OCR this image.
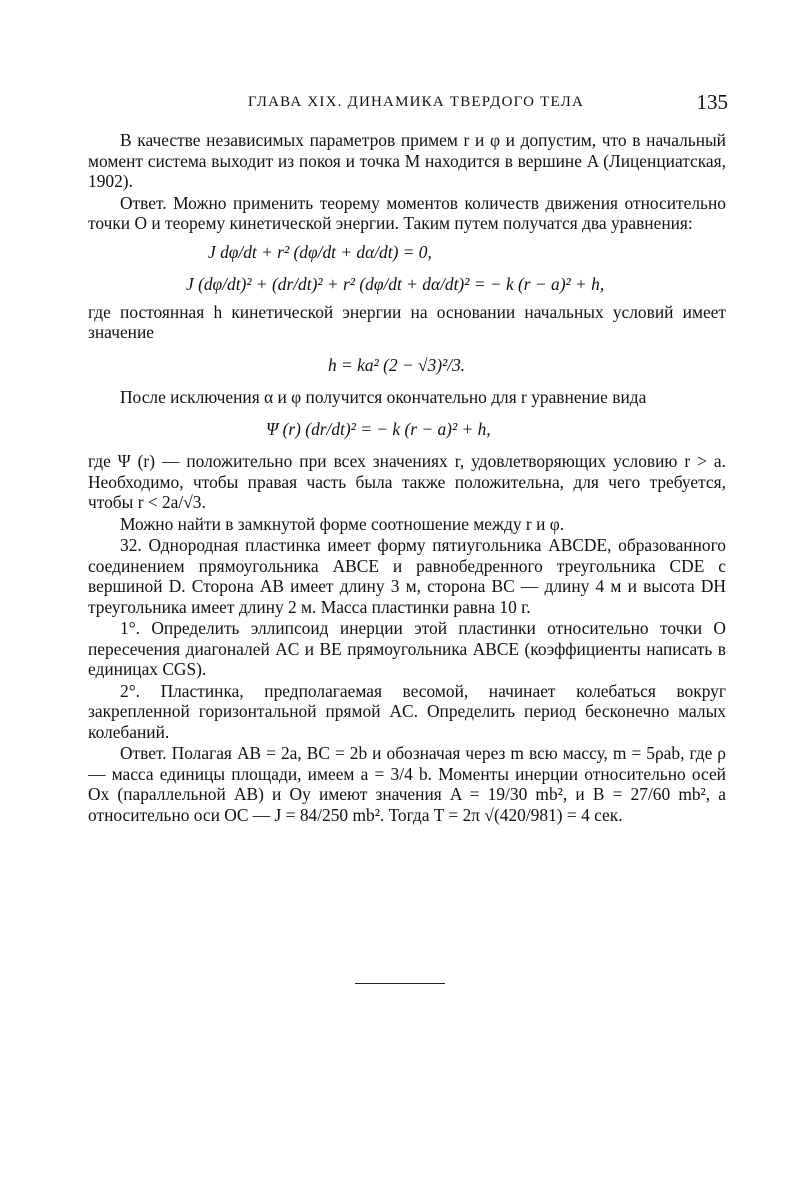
ГЛАВА XIX. ДИНАМИКА ТВЕРДОГО ТЕЛА	135

В качестве независимых параметров примем r и φ и допустим, что в начальный момент система выходит из покоя и точка M находится в вершине A (Лиценциатская, 1902).

Ответ. Можно применить теорему моментов количеств движения относительно точки O и теорему кинетической энергии. Таким путем получатся два уравнения:

J dφ/dt + r² (dφ/dt + dα/dt) = 0,
J (dφ/dt)² + (dr/dt)² + r² (dφ/dt + dα/dt)² = − k (r − a)² + h,

где постоянная h кинетической энергии на основании начальных условий имеет значение

h = ka² (2 − √3)²/3.

После исключения α и φ получится окончательно для r уравнение вида

Ψ (r) (dr/dt)² = − k (r − a)² + h,

где Ψ (r) — положительно при всех значениях r, удовлетворяющих условию r > a. Необходимо, чтобы правая часть была также положительна, для чего требуется, чтобы r < 2a/√3.

Можно найти в замкнутой форме соотношение между r и φ.

32. Однородная пластинка имеет форму пятиугольника ABCDE, образованного соединением прямоугольника ABCE и равнобедренного треугольника CDE с вершиной D. Сторона AB имеет длину 3 м, сторона BC — длину 4 м и высота DH треугольника имеет длину 2 м. Масса пластинки равна 10 г.

1°. Определить эллипсоид инерции этой пластинки относительно точки O пересечения диагоналей AC и BE прямоугольника ABCE (коэффициенты написать в единицах CGS).

2°. Пластинка, предполагаемая весомой, начинает колебаться вокруг закрепленной горизонтальной прямой AC. Определить период бесконечно малых колебаний.

Ответ. Полагая AB = 2a, BC = 2b и обозначая через m всю массу, m = 5ρab, где ρ — масса единицы площади, имеем a = 3/4 b. Моменты инерции относительно осей Ox (параллельной AB) и Oy имеют значения A = 19/30 mb², и B = 27/60 mb², а относительно оси OC — J = 84/250 mb². Тогда T = 2π √(420/981) = 4 сек.
